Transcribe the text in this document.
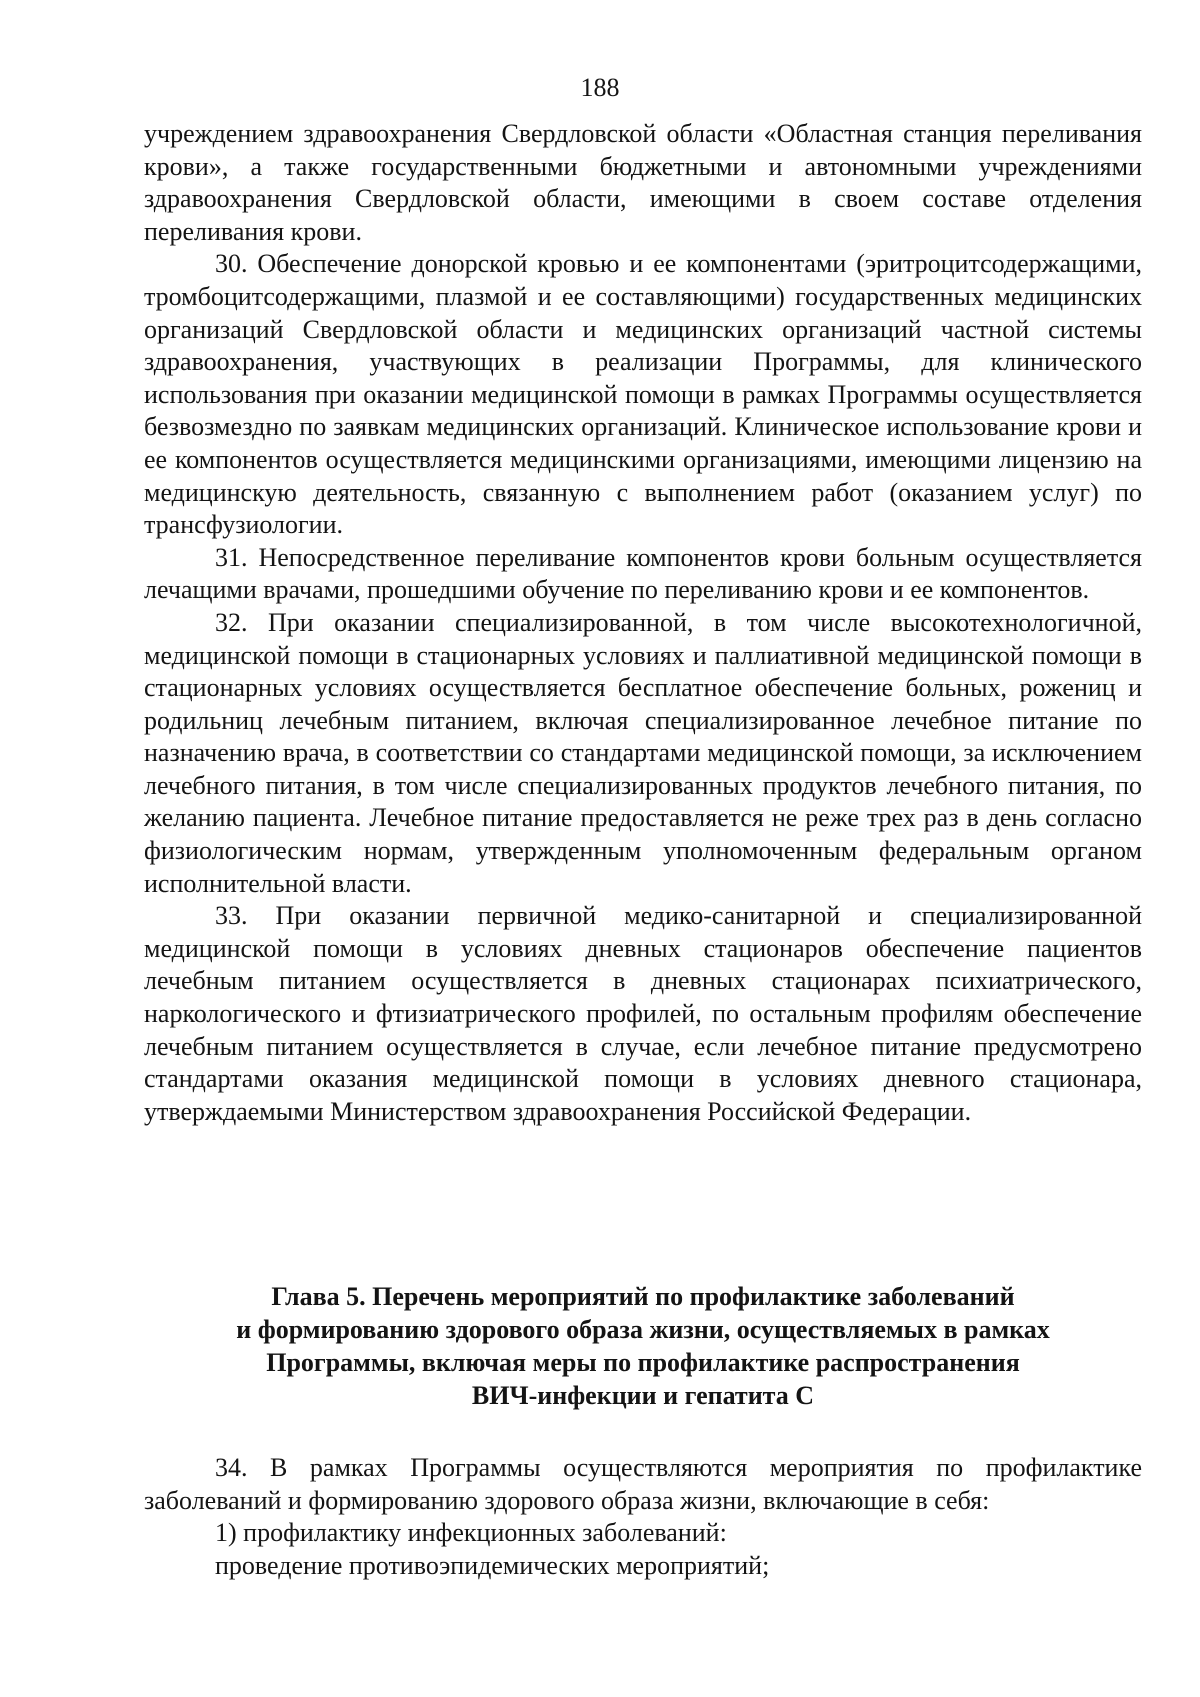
188

учреждением здравоохранения Свердловской области «Областная станция переливания крови», а также государственными бюджетными и автономными учреждениями здравоохранения Свердловской области, имеющими в своем составе отделения переливания крови.

30. Обеспечение донорской кровью и ее компонентами (эритроцитсодержащими, тромбоцитсодержащими, плазмой и ее составляющими) государственных медицинских организаций Свердловской области и медицинских организаций частной системы здравоохранения, участвующих в реализации Программы, для клинического использования при оказании медицинской помощи в рамках Программы осуществляется безвозмездно по заявкам медицинских организаций. Клиническое использование крови и ее компонентов осуществляется медицинскими организациями, имеющими лицензию на медицинскую деятельность, связанную с выполнением работ (оказанием услуг) по трансфузиологии.

31. Непосредственное переливание компонентов крови больным осуществляется лечащими врачами, прошедшими обучение по переливанию крови и ее компонентов.

32. При оказании специализированной, в том числе высокотехнологичной, медицинской помощи в стационарных условиях и паллиативной медицинской помощи в стационарных условиях осуществляется бесплатное обеспечение больных, рожениц и родильниц лечебным питанием, включая специализированное лечебное питание по назначению врача, в соответствии со стандартами медицинской помощи, за исключением лечебного питания, в том числе специализированных продуктов лечебного питания, по желанию пациента. Лечебное питание предоставляется не реже трех раз в день согласно физиологическим нормам, утвержденным уполномоченным федеральным органом исполнительной власти.

33. При оказании первичной медико-санитарной и специализированной медицинской помощи в условиях дневных стационаров обеспечение пациентов лечебным питанием осуществляется в дневных стационарах психиатрического, наркологического и фтизиатрического профилей, по остальным профилям обеспечение лечебным питанием осуществляется в случае, если лечебное питание предусмотрено стандартами оказания медицинской помощи в условиях дневного стационара, утверждаемыми Министерством здравоохранения Российской Федерации.

Глава 5. Перечень мероприятий по профилактике заболеваний
и формированию здорового образа жизни, осуществляемых в рамках
Программы, включая меры по профилактике распространения
ВИЧ-инфекции и гепатита С

34. В рамках Программы осуществляются мероприятия по профилактике заболеваний и формированию здорового образа жизни, включающие в себя:

1) профилактику инфекционных заболеваний:

проведение противоэпидемических мероприятий;
